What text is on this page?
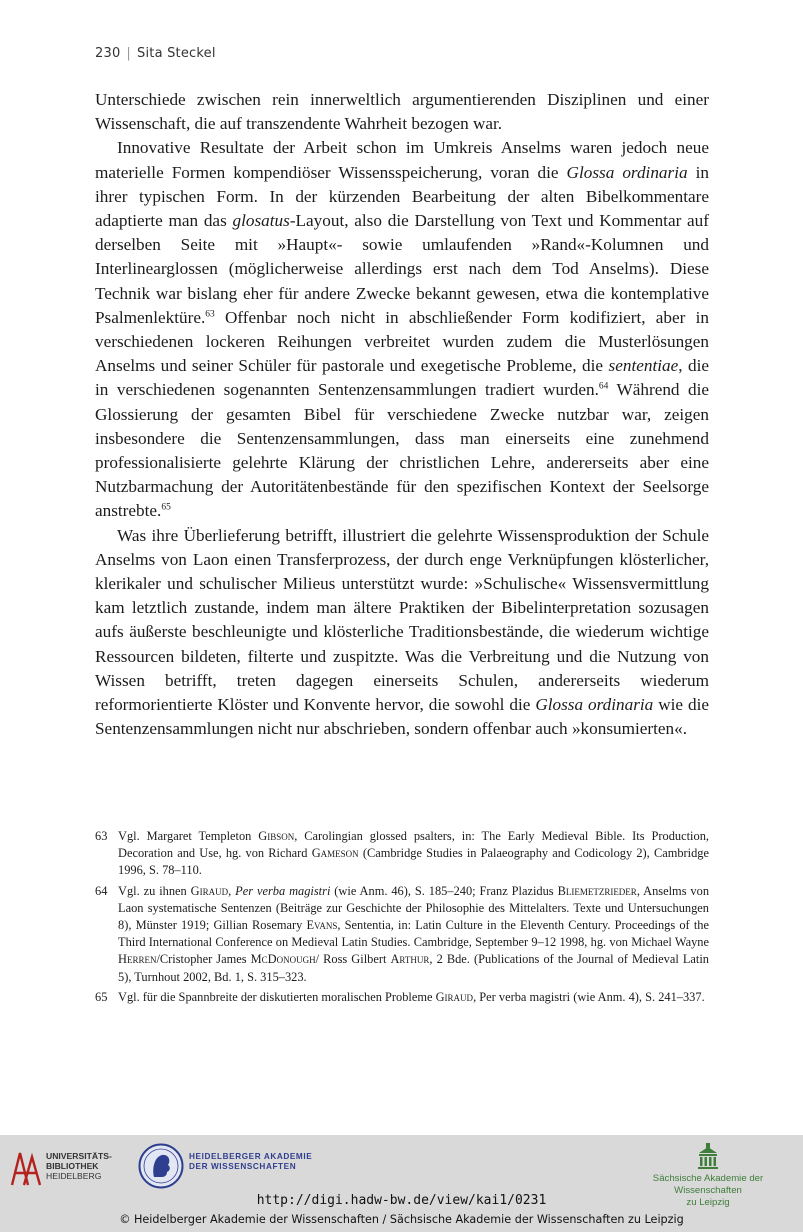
230 | Sita Steckel

Unterschiede zwischen rein innerweltlich argumentierenden Disziplinen und einer Wissenschaft, die auf transzendente Wahrheit bezogen war.

Innovative Resultate der Arbeit schon im Umkreis Anselms waren jedoch neue materielle Formen kompendiöser Wissensspeicherung, voran die Glossa ordinaria in ihrer typischen Form. In der kürzenden Bearbeitung der alten Bibelkommentare adaptierte man das glosatus-Layout, also die Darstellung von Text und Kommentar auf derselben Seite mit »Haupt«- sowie umlaufenden »Rand«-Kolumnen und Interlinearglossen (möglicherweise allerdings erst nach dem Tod Anselms). Diese Technik war bislang eher für andere Zwecke bekannt gewesen, etwa die kontemplative Psalmenlektüre.$^{63}$ Offenbar noch nicht in abschließender Form kodifiziert, aber in verschiedenen lockeren Reihungen verbreitet wurden zudem die Musterlösungen Anselms und seiner Schüler für pastorale und exegetische Probleme, die sententiae, die in verschiedenen sogenannten Sentenzensammlungen tradiert wurden.$^{64}$ Während die Glossierung der gesamten Bibel für verschiedene Zwecke nutzbar war, zeigen insbesondere die Sentenzensammlungen, dass man einerseits eine zunehmend professionalisierte gelehrte Klärung der christlichen Lehre, andererseits aber eine Nutzbarmachung der Autoritätenbestände für den spezifischen Kontext der Seelsorge anstrebte.$^{65}$

Was ihre Überlieferung betrifft, illustriert die gelehrte Wissensproduktion der Schule Anselms von Laon einen Transferprozess, der durch enge Verknüpfungen klösterlicher, klerikaler und schulischer Milieus unterstützt wurde: »Schulische« Wissensvermittlung kam letztlich zustande, indem man ältere Praktiken der Bibelinterpretation sozusagen aufs äußerste beschleunigte und klösterliche Traditionsbestände, die wiederum wichtige Ressourcen bildeten, filterte und zuspitzte. Was die Verbreitung und die Nutzung von Wissen betrifft, treten dagegen einerseits Schulen, andererseits wiederum reformorientierte Klöster und Konvente hervor, die sowohl die Glossa ordinaria wie die Sentenzensammlungen nicht nur abschrieben, sondern offenbar auch »konsumierten«.

63 Vgl. Margaret Templeton Gibson, Carolingian glossed psalters, in: The Early Medieval Bible. Its Production, Decoration and Use, hg. von Richard Gameson (Cambridge Studies in Palaeography and Codicology 2), Cambridge 1996, S. 78–110.
64 Vgl. zu ihnen Giraud, Per verba magistri (wie Anm. 46), S. 185–240; Franz Plazidus Bliemetzrieder, Anselms von Laon systematische Sentenzen (Beiträge zur Geschichte der Philosophie des Mittelalters. Texte und Untersuchungen 8), Münster 1919; Gillian Rosemary Evans, Sententia, in: Latin Culture in the Eleventh Century. Proceedings of the Third International Conference on Medieval Latin Studies. Cambridge, September 9–12 1998, hg. von Michael Wayne Herren/Cristopher James McDonough/ Ross Gilbert Arthur, 2 Bde. (Publications of the Journal of Medieval Latin 5), Turnhout 2002, Bd. 1, S. 315–323.
65 Vgl. für die Spannbreite der diskutierten moralischen Probleme Giraud, Per verba magistri (wie Anm. 4), S. 241–337.
UNIVERSITÄTS-
BIBLIOTHEK
HEIDELBERG
HEIDELBERGER AKADEMIE
DER WISSENSCHAFTEN
Sächsische Akademie der Wissenschaften
zu Leipzig
http://digi.hadw-bw.de/view/kai1/0231
© Heidelberger Akademie der Wissenschaften / Sächsische Akademie der Wissenschaften zu Leipzig
